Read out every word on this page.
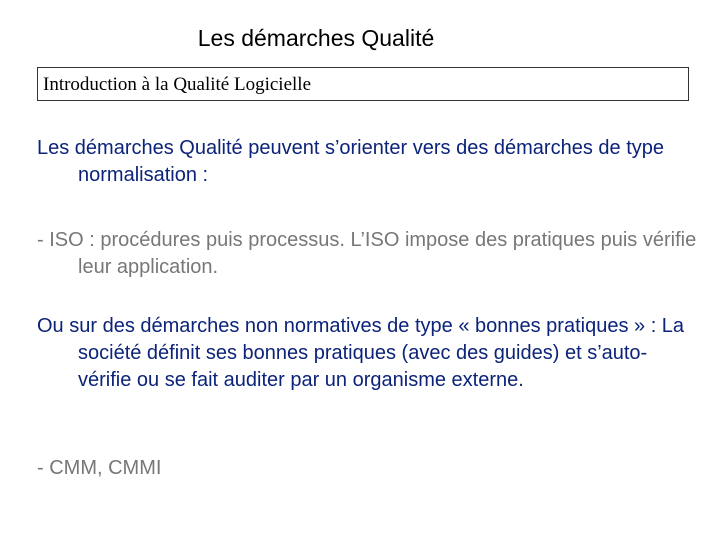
Les démarches Qualité
Introduction à la Qualité Logicielle

Les démarches Qualité peuvent s’orienter vers des démarches de type normalisation :

- ISO : procédures puis processus. L’ISO impose des pratiques puis vérifie leur application.

Ou sur des démarches non normatives de type « bonnes pratiques » : La société définit ses bonnes pratiques (avec des guides) et s’auto-vérifie ou se fait auditer par un organisme externe.

- CMM, CMMI
